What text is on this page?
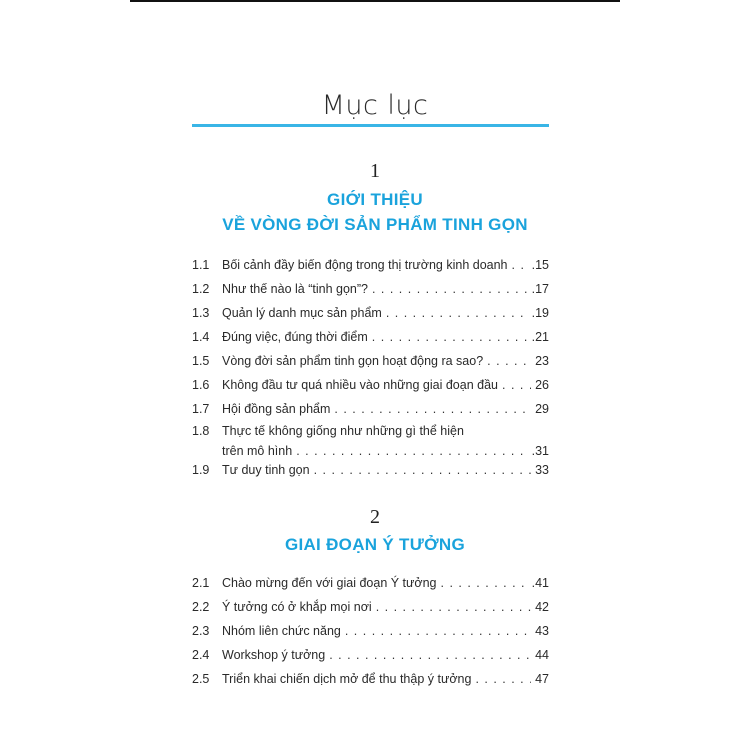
Mục lục
1
GIỚI THIỆU
VỀ VÒNG ĐỜI SẢN PHẨM TINH GỌN
1.1 Bối cảnh đầy biến động trong thị trường kinh doanh . . . .15
1.2 Như thế nào là “tinh gọn”? . . .	.17
1.3 Quản lý danh mục sản phẩm . . .	.19
1.4 Đúng việc, đúng thời điểm . . .	.21
1.5 Vòng đời sản phẩm tinh gọn hoạt động ra sao? . . .	23
1.6 Không đầu tư quá nhiều vào những giai đoạn đầu . . .	26
1.7 Hội đồng sản phẩm . . .	29
1.8 Thực tế không giống như những gì thể hiện
trên mô hình . . .	.31
1.9 Tư duy tinh gọn . . .	33
2
GIAI ĐOẠN Ý TƯỞNG
2.1 Chào mừng đến với giai đoạn Ý tưởng . . .	.41
2.2 Ý tưởng có ở khắp mọi nơi . . .	42
2.3 Nhóm liên chức năng . . .	43
2.4 Workshop ý tưởng . . .	44
2.5 Triển khai chiến dịch mở để thu thập ý tưởng . . .	47
